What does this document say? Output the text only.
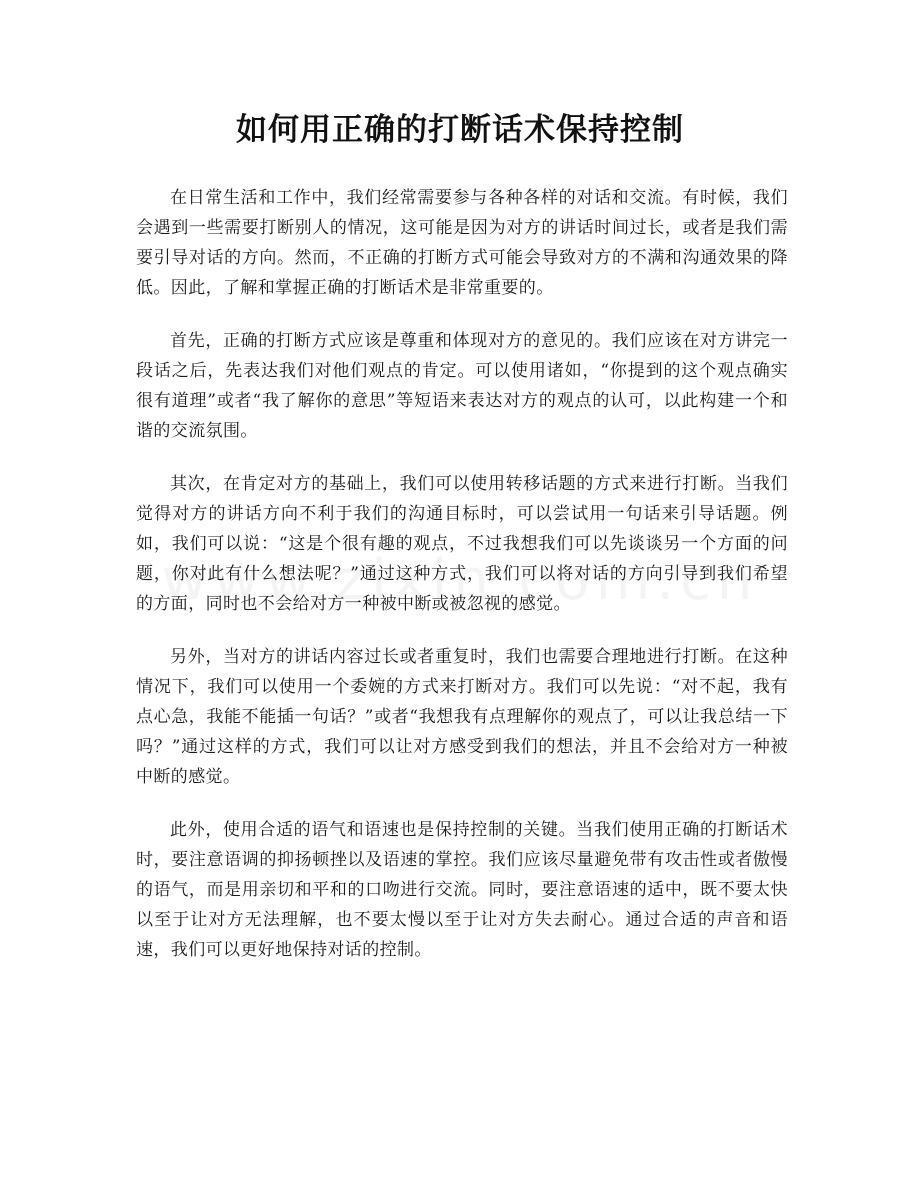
如何用正确的打断话术保持控制

在日常生活和工作中，我们经常需要参与各种各样的对话和交流。有时候，我们会遇到一些需要打断别人的情况，这可能是因为对方的讲话时间过长，或者是我们需要引导对话的方向。然而，不正确的打断方式可能会导致对方的不满和沟通效果的降低。因此，了解和掌握正确的打断话术是非常重要的。

首先，正确的打断方式应该是尊重和体现对方的意见的。我们应该在对方讲完一段话之后，先表达我们对他们观点的肯定。可以使用诸如，“你提到的这个观点确实很有道理”或者“我了解你的意思”等短语来表达对方的观点的认可，以此构建一个和谐的交流氛围。

其次，在肯定对方的基础上，我们可以使用转移话题的方式来进行打断。当我们觉得对方的讲话方向不利于我们的沟通目标时，可以尝试用一句话来引导话题。例如，我们可以说：“这是个很有趣的观点，不过我想我们可以先谈谈另一个方面的问题，你对此有什么想法呢？”通过这种方式，我们可以将对话的方向引导到我们希望的方面，同时也不会给对方一种被中断或被忽视的感觉。

另外，当对方的讲话内容过长或者重复时，我们也需要合理地进行打断。在这种情况下，我们可以使用一个委婉的方式来打断对方。我们可以先说：“对不起，我有点心急，我能不能插一句话？”或者“我想我有点理解你的观点了，可以让我总结一下吗？”通过这样的方式，我们可以让对方感受到我们的想法，并且不会给对方一种被中断的感觉。

此外，使用合适的语气和语速也是保持控制的关键。当我们使用正确的打断话术时，要注意语调的抑扬顿挫以及语速的掌控。我们应该尽量避免带有攻击性或者傲慢的语气，而是用亲切和平和的口吻进行交流。同时，要注意语速的适中，既不要太快以至于让对方无法理解，也不要太慢以至于让对方失去耐心。通过合适的声音和语速，我们可以更好地保持对话的控制。
